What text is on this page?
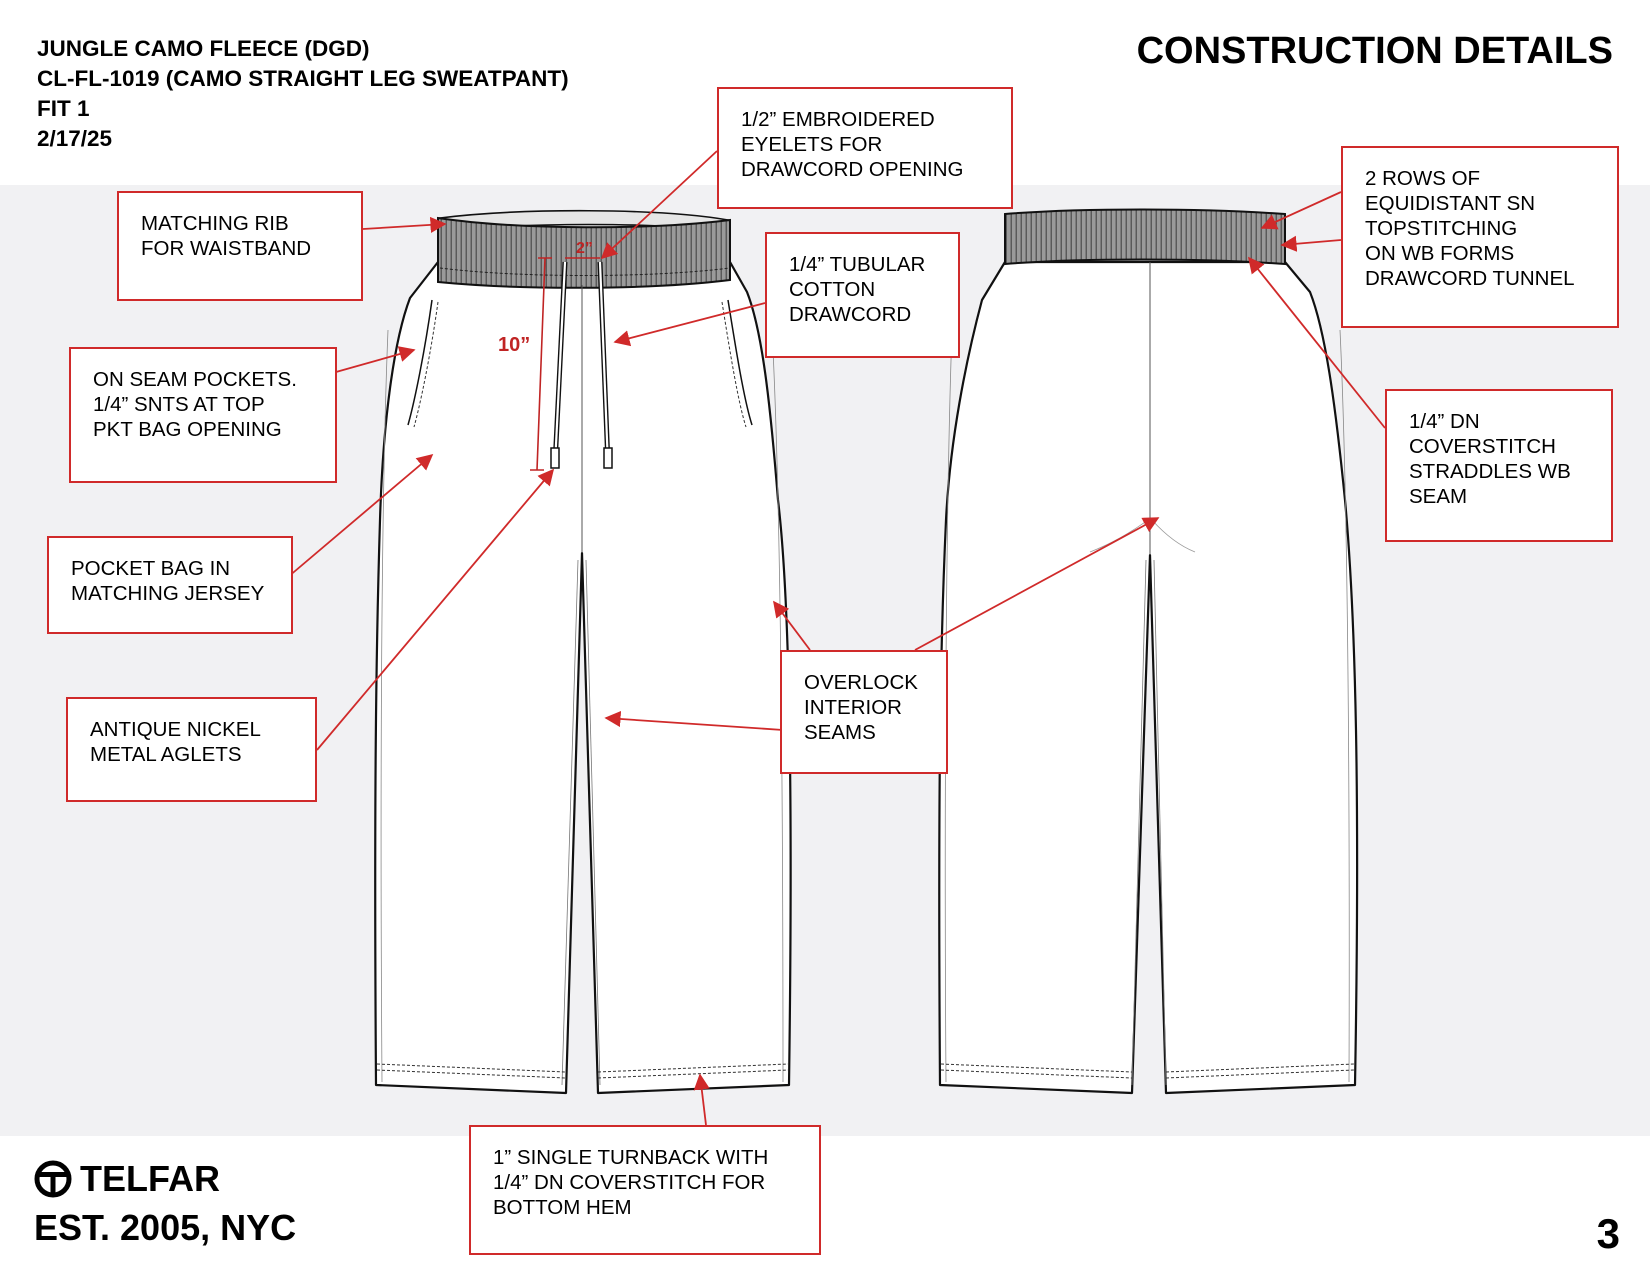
JUNGLE CAMO FLEECE (DGD)
CL-FL-1019 (CAMO STRAIGHT LEG SWEATPANT)
FIT 1
2/17/25
CONSTRUCTION DETAILS
10”
2”
MATCHING RIB
FOR WAISTBAND
ON SEAM POCKETS.
1/4” SNTS AT TOP
PKT BAG OPENING
POCKET BAG IN
MATCHING JERSEY
ANTIQUE NICKEL
METAL AGLETS
1/2” EMBROIDERED
EYELETS FOR
DRAWCORD OPENING
1/4” TUBULAR
COTTON
DRAWCORD
OVERLOCK
INTERIOR
SEAMS
1” SINGLE TURNBACK WITH
1/4” DN COVERSTITCH FOR
BOTTOM HEM
2 ROWS OF
EQUIDISTANT SN
TOPSTITCHING
ON WB FORMS
DRAWCORD TUNNEL
1/4” DN
COVERSTITCH
STRADDLES WB
SEAM
TELFAR
EST. 2005, NYC	3
